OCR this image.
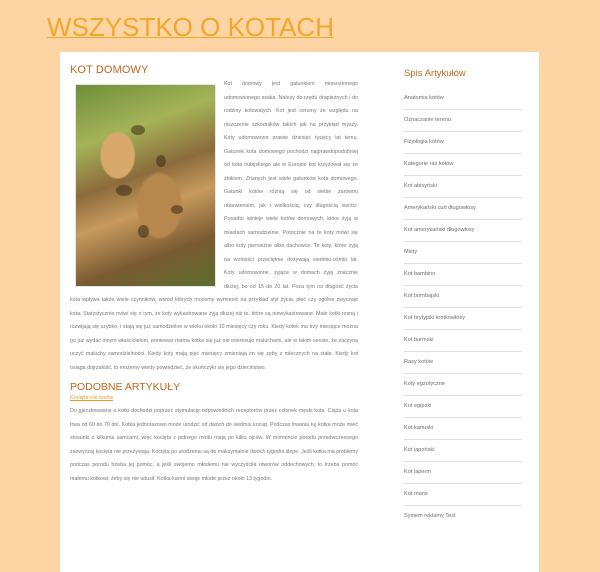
WSZYSTKO O KOTACH
KOT DOMOWY
Kot domowy jest gatunkiem mięsożernego udomowionego ssaka. Należy do rzędu drapieżnych i do rodziny kotowatych. Kot jest cenony ze względu na niszczenie szkodników takich jak na przykład myszy. Koty udomowiono prawie dziesięć tysięcy lat temu. Gatunek kota domowego pochodzi najprawdopodobniej od kota nubijskiego ale w Europie kot krzyżował się ze żbikiem. Znanych jest wiele gatunków kota domowego. Gatunki kotów różnią się od siebie zarówno ubarwieniem, jak i wielkością, czy długością sierści. Ponadto istnieje wiele kotów domowych, które żyją w miastach samodzielnie. Potocznie na te koty mówi się albo koty pierwszne albo dachowce. Te koty, które żyją na wolności przeciętnie dożywają siedmiu-ośmiu lat. Koty udomowione, żyjące w domach żyją znacznie dłużej, bo od 15 do 20 lat. Poza tym na długość życia kota wpływa także wiele czynników, wśród których możemy wymienić na przykład styl życia, płeć czy ogólne zwyczaje kota. Statystycznie mówi się o tym, że koty wykastrowane żyją dłużej niż te, które są niewykastrowane. Małe kotki rosną i rozwijają się szybko, i stają się już samodzielne w wieku około 10 miesięcy czy roku. Kiedy kotek ma trzy miesiące można go już wydać innym właścicielom, ponieważ mama kotka się już nie interesuje maluchami, ale w takim sensie, że zaczyna uczyć maluchy samodzielności. Kiedy koty mają pięć miesięcy zmieniają im się zęby z mlecznych na stałe. Kiedy kot osiąga dojrzałość, to możemy wtedy powiedzieć, że skończyło się jego dzieciństwo.
PODOBNE ARTYKUŁY
Kocięta nie koota
Do gjeczłowwane u kotki dochodzi poprzez stymulację odpowiednich receptorów przez członek męski kota. Ciąża u kota trwa od 60 do 70 dni. Kotka jednorazowo może urodzić od dwóch do siedmiu kociąt. Podczas trwania ruj kotka może mieć stosunki z kilkoma samcami, więc kocięta z jednego miotu mają po kilku ojców. W momencie porodu przedwczesnego zazwyczaj kocięta nie przeżywają. Kocięta po urodzeniu są do maksymalnie dwóch tygodni ślepe. Jeśli kotka ma problemy podczas porodu trzeba jej pomóc, a jeśli swojemu młodemu nie wyczyściła otworów oddechowych, to trzeba pomóc małemu kotkowi, żeby się nie udusił. Kotka karmi swoje młode przez około 13 tygodni.
Spis Artykułów
Anatomia kotów
Oznaczanie terenu
Fizjologia kotów
Kategorie ras kotów
Kot abisyński
Amerykański curl długowłosy
Kot amerykański długowłosy
Misty
Kot bambino
Kot bombajski
Kot brytyjski krótkowłosy
Kot burmski
Rasy kotów
Koty egzotyczne
Kot egipski
Kot kartuski
Kot japoński
Kot laperm
Kot manx
System reklamy Test
